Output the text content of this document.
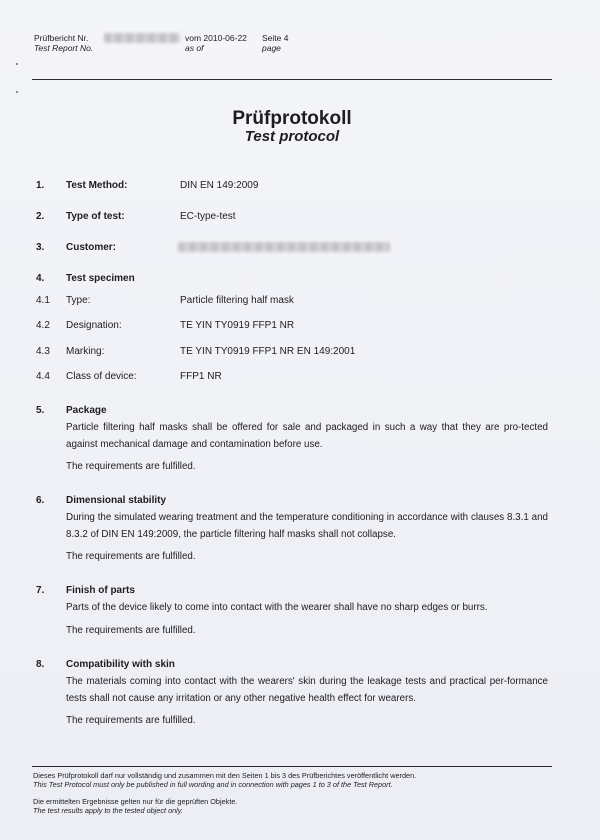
Prüfbericht Nr.
Test Report No.
vom 2010-06-22
as of
Seite 4
page
Prüfprotokoll
Test protocol
1. Test Method:	DIN EN 149:2009
2. Type of test:	EC-type-test
3. Customer:
4. Test specimen
4.1 Type:	Particle filtering half mask
4.2 Designation:	TE YIN TY0919 FFP1 NR
4.3 Marking:	TE YIN TY0919 FFP1 NR EN 149:2001
4.4 Class of device:	FFP1 NR
5. Package
Particle filtering half masks shall be offered for sale and packaged in such a way that they are pro-tected against mechanical damage and contamination before use.
The requirements are fulfilled.
6. Dimensional stability
During the simulated wearing treatment and the temperature conditioning in accordance with clauses 8.3.1 and 8.3.2 of DIN EN 149:2009, the particle filtering half masks shall not collapse.
The requirements are fulfilled.
7. Finish of parts
Parts of the device likely to come into contact with the wearer shall have no sharp edges or burrs.
The requirements are fulfilled.
8. Compatibility with skin
The materials coming into contact with the wearers' skin during the leakage tests and practical per-formance tests shall not cause any irritation or any other negative health effect for wearers.
The requirements are fulfilled.
Dieses Prüfprotokoll darf nur vollständig und zusammen mit den Seiten 1 bis 3 des Prüfberichtes veröffentlicht werden.
This Test Protocol must only be published in full wording and in connection with pages 1 to 3 of the Test Report.
Die ermittelten Ergebnisse gelten nur für die geprüften Objekte.
The test results apply to the tested object only.
